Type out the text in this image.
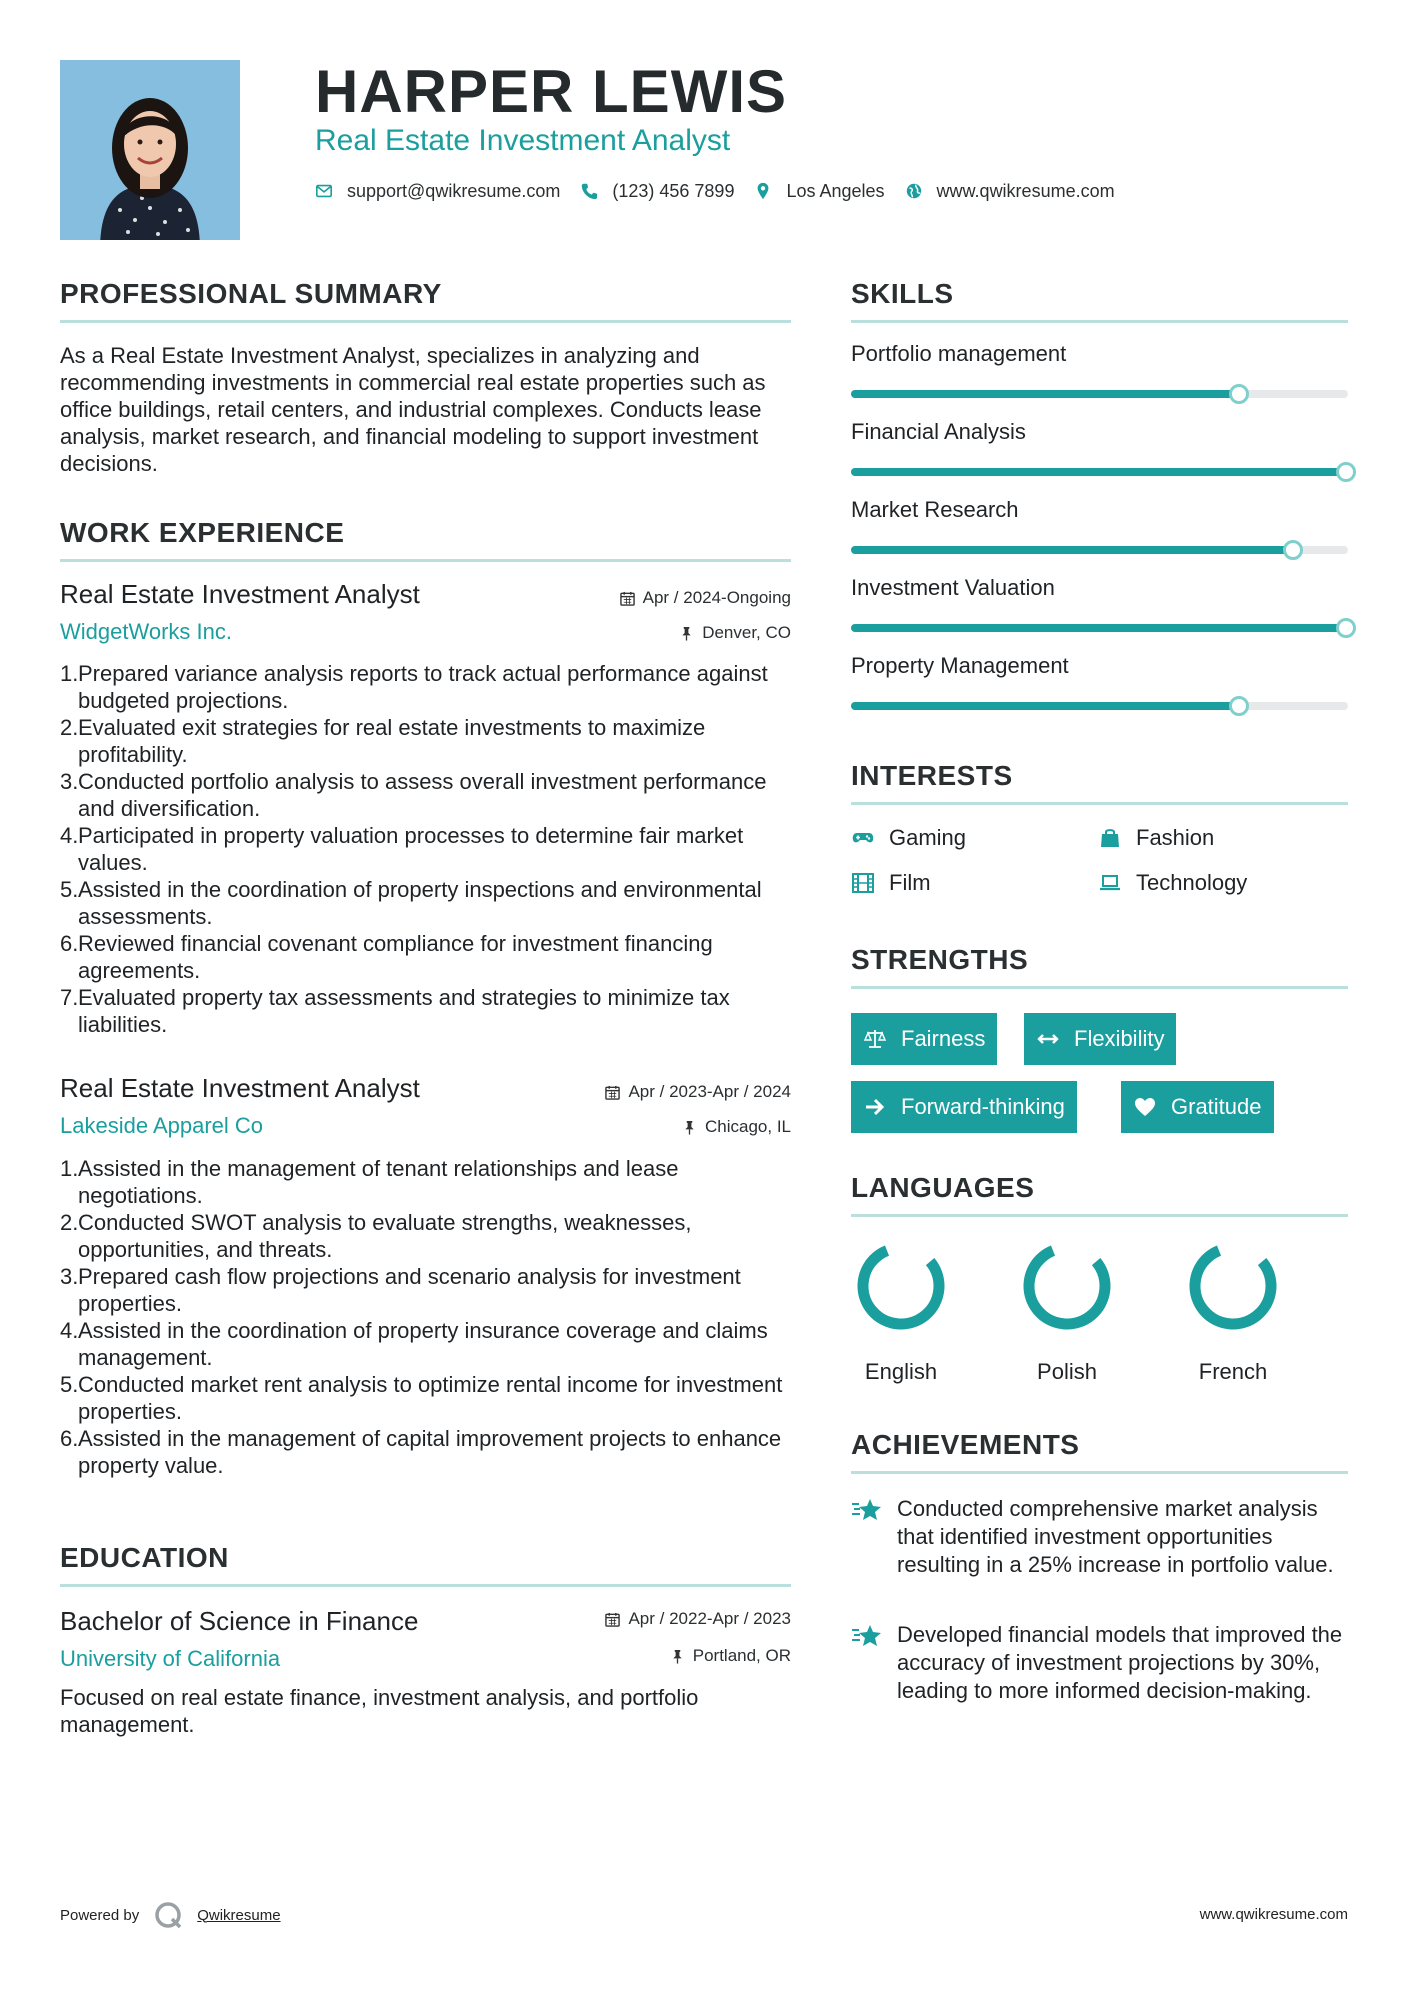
HARPER LEWIS
Real Estate Investment Analyst
support@qwikresume.com	(123) 456 7899	Los Angeles	www.qwikresume.com
PROFESSIONAL SUMMARY
As a Real Estate Investment Analyst, specializes in analyzing and recommending investments in commercial real estate properties such as office buildings, retail centers, and industrial complexes. Conducts lease analysis, market research, and financial modeling to support investment decisions.
WORK EXPERIENCE
Real Estate Investment Analyst
WidgetWorks Inc.
Apr / 2024-Ongoing
Denver, CO
1. Prepared variance analysis reports to track actual performance against budgeted projections.
2. Evaluated exit strategies for real estate investments to maximize profitability.
3. Conducted portfolio analysis to assess overall investment performance and diversification.
4. Participated in property valuation processes to determine fair market values.
5. Assisted in the coordination of property inspections and environmental assessments.
6. Reviewed financial covenant compliance for investment financing agreements.
7. Evaluated property tax assessments and strategies to minimize tax liabilities.
Real Estate Investment Analyst
Lakeside Apparel Co
Apr / 2023-Apr / 2024
Chicago, IL
1. Assisted in the management of tenant relationships and lease negotiations.
2. Conducted SWOT analysis to evaluate strengths, weaknesses, opportunities, and threats.
3. Prepared cash flow projections and scenario analysis for investment properties.
4. Assisted in the coordination of property insurance coverage and claims management.
5. Conducted market rent analysis to optimize rental income for investment properties.
6. Assisted in the management of capital improvement projects to enhance property value.
EDUCATION
Bachelor of Science in Finance
University of California
Apr / 2022-Apr / 2023
Portland, OR
Focused on real estate finance, investment analysis, and portfolio management.
SKILLS
Portfolio management
Financial Analysis
Market Research
Investment Valuation
Property Management
INTERESTS
Gaming	Fashion
Film	Technology
STRENGTHS
Fairness	Flexibility
Forward-thinking	Gratitude
LANGUAGES
English	Polish	French
ACHIEVEMENTS
Conducted comprehensive market analysis that identified investment opportunities resulting in a 25% increase in portfolio value.
Developed financial models that improved the accuracy of investment projections by 30%, leading to more informed decision-making.
Powered by	Qwikresume	www.qwikresume.com
